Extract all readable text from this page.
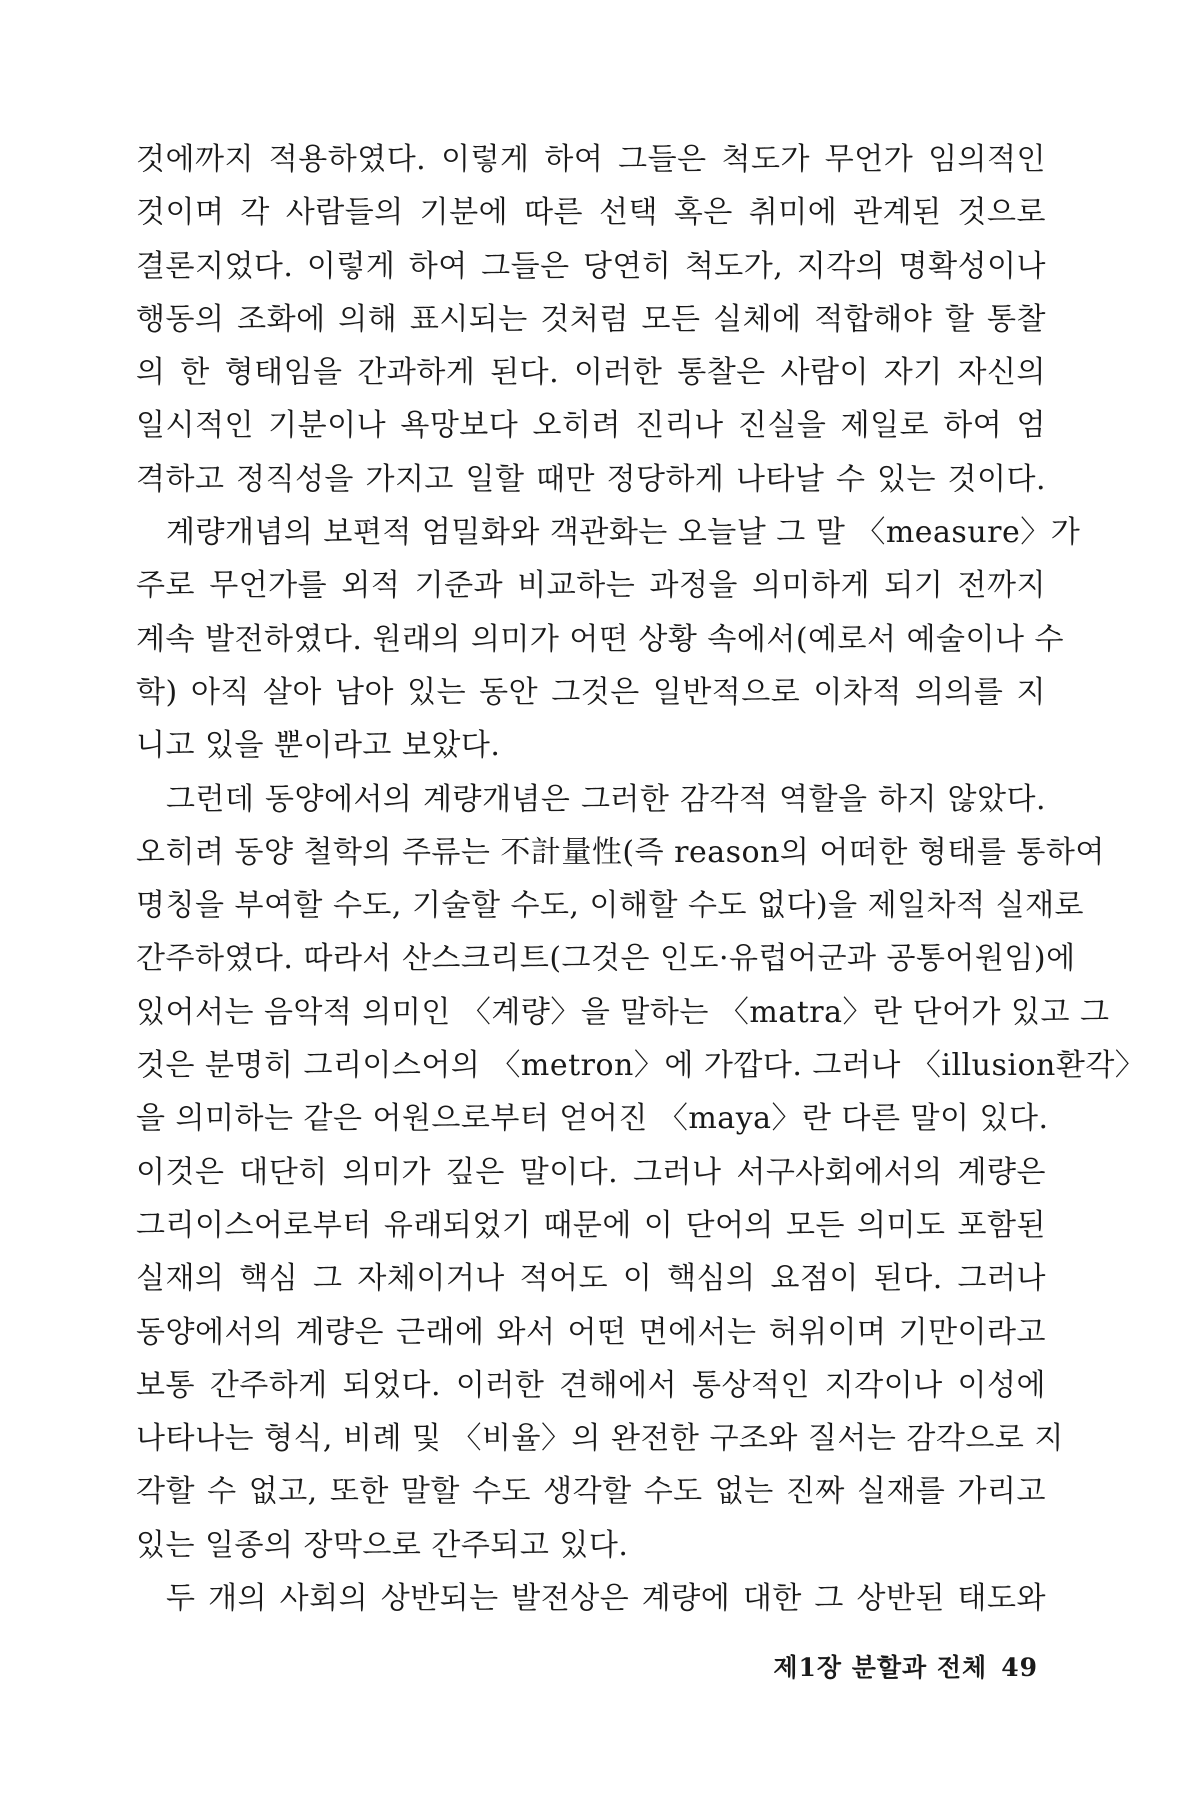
것에까지 적용하였다. 이렇게 하여 그들은 척도가 무언가 임의적인
것이며 각 사람들의 기분에 따른 선택 혹은 취미에 관계된 것으로
결론지었다. 이렇게 하여 그들은 당연히 척도가, 지각의 명확성이나
행동의 조화에 의해 표시되는 것처럼 모든 실체에 적합해야 할 통찰
의 한 형태임을 간과하게 된다. 이러한 통찰은 사람이 자기 자신의
일시적인 기분이나 욕망보다 오히려 진리나 진실을 제일로 하여 엄
격하고 정직성을 가지고 일할 때만 정당하게 나타날 수 있는 것이다.
계량개념의 보편적 엄밀화와 객관화는 오늘날 그 말 〈measure〉가
주로 무언가를 외적 기준과 비교하는 과정을 의미하게 되기 전까지
계속 발전하였다. 원래의 의미가 어떤 상황 속에서(예로서 예술이나 수
학) 아직 살아 남아 있는 동안 그것은 일반적으로 이차적 의의를 지
니고 있을 뿐이라고 보았다.
그런데 동양에서의 계량개념은 그러한 감각적 역할을 하지 않았다.
오히려 동양 철학의 주류는 不計量性(즉 reason의 어떠한 형태를 통하여
명칭을 부여할 수도, 기술할 수도, 이해할 수도 없다)을 제일차적 실재로
간주하였다. 따라서 산스크리트(그것은 인도·유럽어군과 공통어원임)에
있어서는 음악적 의미인 〈계량〉을 말하는 〈matra〉란 단어가 있고 그
것은 분명히 그리이스어의 〈metron〉에 가깝다. 그러나 〈illusion환각〉
을 의미하는 같은 어원으로부터 얻어진 〈maya〉란 다른 말이 있다.
이것은 대단히 의미가 깊은 말이다. 그러나 서구사회에서의 계량은
그리이스어로부터 유래되었기 때문에 이 단어의 모든 의미도 포함된
실재의 핵심 그 자체이거나 적어도 이 핵심의 요점이 된다. 그러나
동양에서의 계량은 근래에 와서 어떤 면에서는 허위이며 기만이라고
보통 간주하게 되었다. 이러한 견해에서 통상적인 지각이나 이성에
나타나는 형식, 비례 및 〈비율〉의 완전한 구조와 질서는 감각으로 지
각할 수 없고, 또한 말할 수도 생각할 수도 없는 진짜 실재를 가리고
있는 일종의 장막으로 간주되고 있다.
두 개의 사회의 상반되는 발전상은 계량에 대한 그 상반된 태도와
제1장 분할과 전체 49
